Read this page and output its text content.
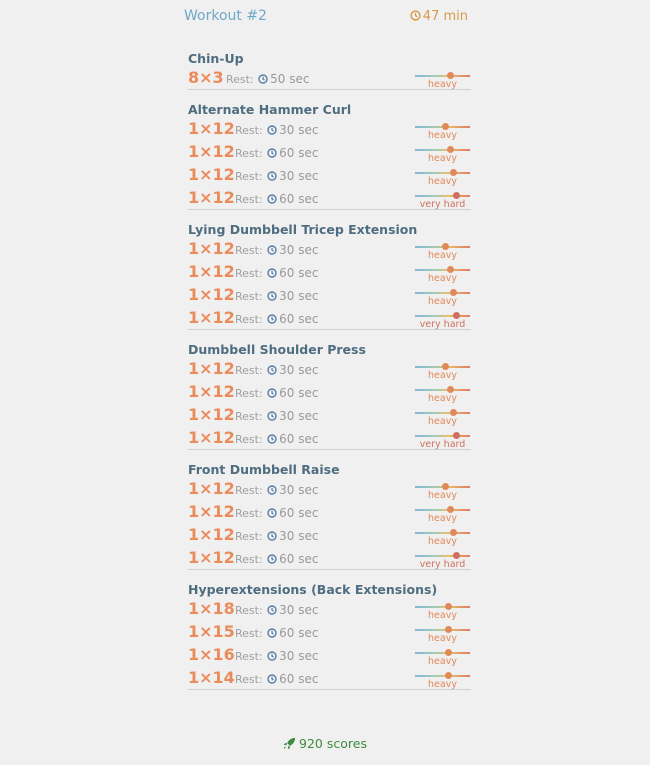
Workout #2	47 min
Chin-Up
8×3 Rest: 50 sec	heavy
Alternate Hammer Curl
1×12 Rest: 30 sec	heavy
1×12 Rest: 60 sec	heavy
1×12 Rest: 30 sec	heavy
1×12 Rest: 60 sec	very hard
Lying Dumbbell Tricep Extension
1×12 Rest: 30 sec	heavy
1×12 Rest: 60 sec	heavy
1×12 Rest: 30 sec	heavy
1×12 Rest: 60 sec	very hard
Dumbbell Shoulder Press
1×12 Rest: 30 sec	heavy
1×12 Rest: 60 sec	heavy
1×12 Rest: 30 sec	heavy
1×12 Rest: 60 sec	very hard
Front Dumbbell Raise
1×12 Rest: 30 sec	heavy
1×12 Rest: 60 sec	heavy
1×12 Rest: 30 sec	heavy
1×12 Rest: 60 sec	very hard
Hyperextensions (Back Extensions)
1×18 Rest: 30 sec	heavy
1×15 Rest: 60 sec	heavy
1×16 Rest: 30 sec	heavy
1×14 Rest: 60 sec	heavy
920 scores
